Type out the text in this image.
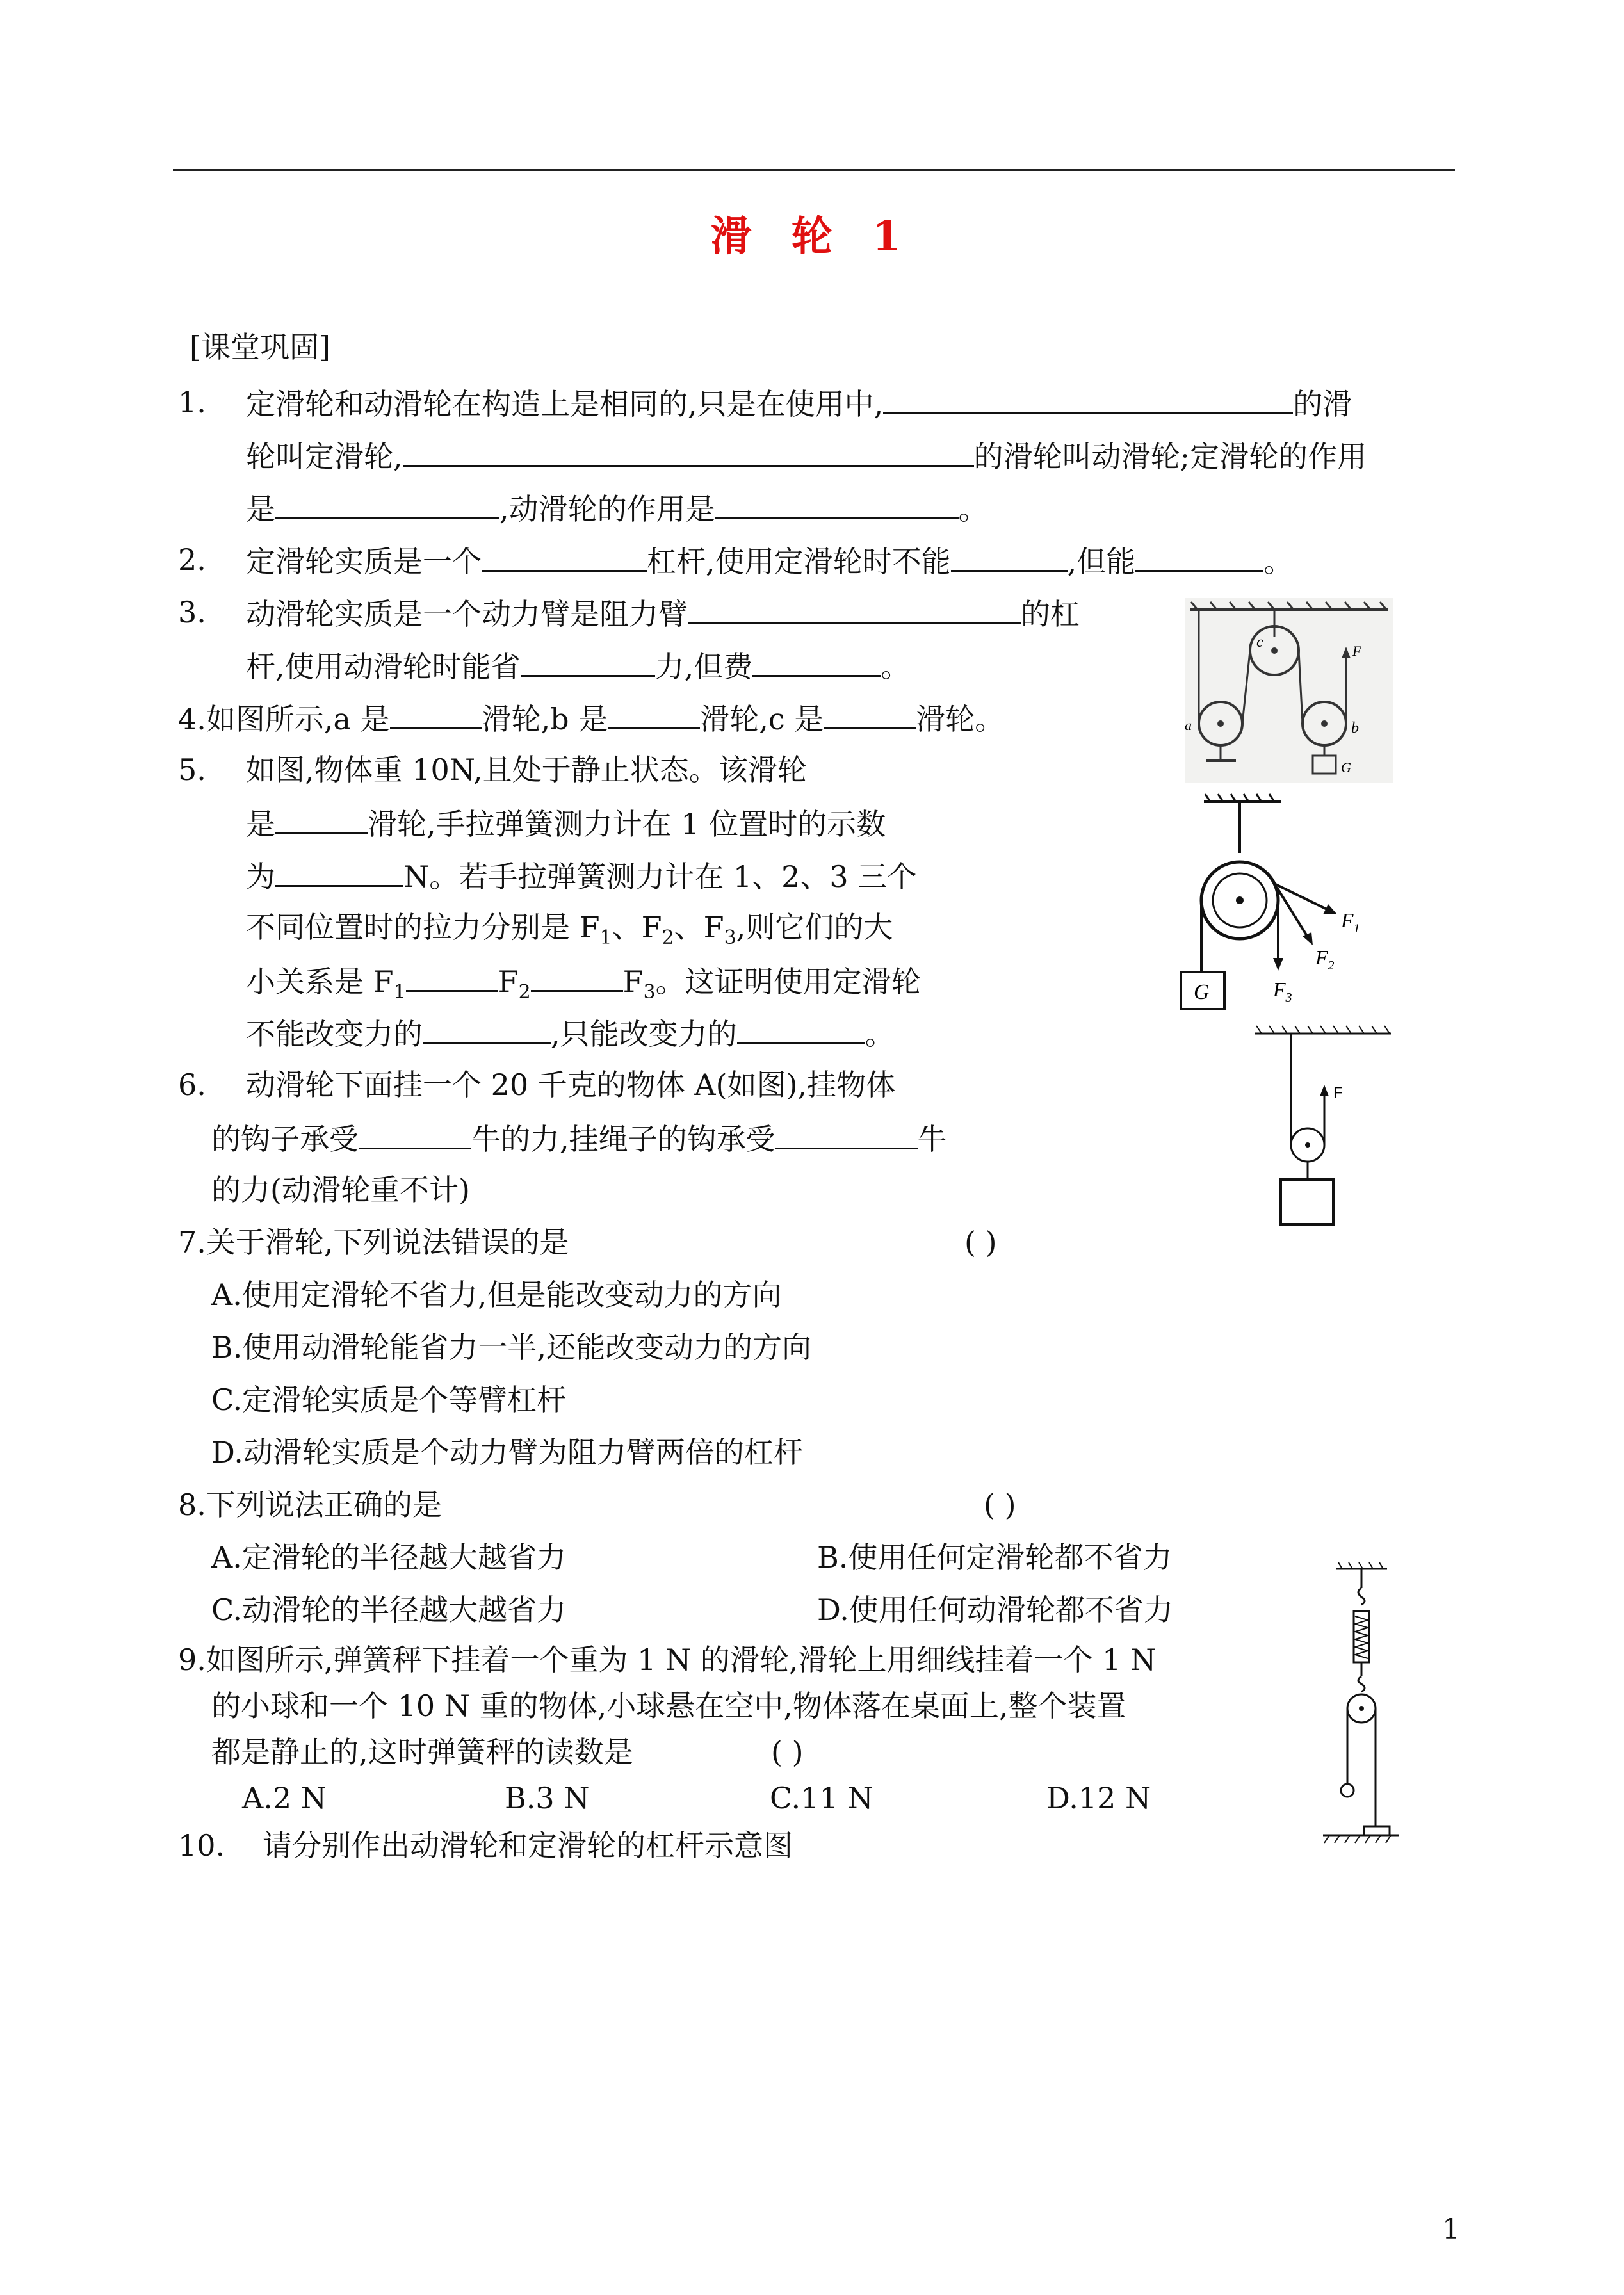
滑 轮 1
[课堂巩固]
1. 定滑轮和动滑轮在构造上是相同的,只是在使用中,	的滑
轮叫定滑轮,	的滑轮叫动滑轮;定滑轮的作用
是	,动滑轮的作用是	。
2. 定滑轮实质是一个	杠杆,使用定滑轮时不能	,但能	。
3. 动滑轮实质是一个动力臂是阻力臂	的杠
杆,使用动滑轮时能省	力,但费	。
4.如图所示,a 是	滑轮,b 是	滑轮,c 是	滑轮。
c
a	b
F
G
5. 如图,物体重 10N,且处于静止状态。该滑轮
是	滑轮,手拉弹簧测力计在 1 位置时的示数
为	N。若手拉弹簧测力计在 1、2、3 三个
不同位置时的拉力分别是 $F_1$、$F_2$、$F_3$,则它们的大
小关系是 $F_1$	$F_2$	$F_3$。这证明使用定滑轮
不能改变力的	,只能改变力的	。
G
$F_1$
$F_2$
$F_3$
6. 动滑轮下面挂一个 20 千克的物体 A(如图),挂物体
的钩子承受	牛的力,挂绳子的钩承受	牛
的力(动滑轮重不计)
F
7.关于滑轮,下列说法错误的是	( )
A.使用定滑轮不省力,但是能改变动力的方向
B.使用动滑轮能省力一半,还能改变动力的方向
C.定滑轮实质是个等臂杠杆
D.动滑轮实质是个动力臂为阻力臂两倍的杠杆
8.下列说法正确的是	( )
A.定滑轮的半径越大越省力	B.使用任何定滑轮都不省力
C.动滑轮的半径越大越省力	D.使用任何动滑轮都不省力
9.如图所示,弹簧秤下挂着一个重为 1 N 的滑轮,滑轮上用细线挂着一个 1 N
的小球和一个 10 N 重的物体,小球悬在空中,物体落在桌面上,整个装置
都是静止的,这时弹簧秤的读数是	( )
A.2 N	B.3 N	C.11 N	D.12 N
10. 请分别作出动滑轮和定滑轮的杠杆示意图
1
